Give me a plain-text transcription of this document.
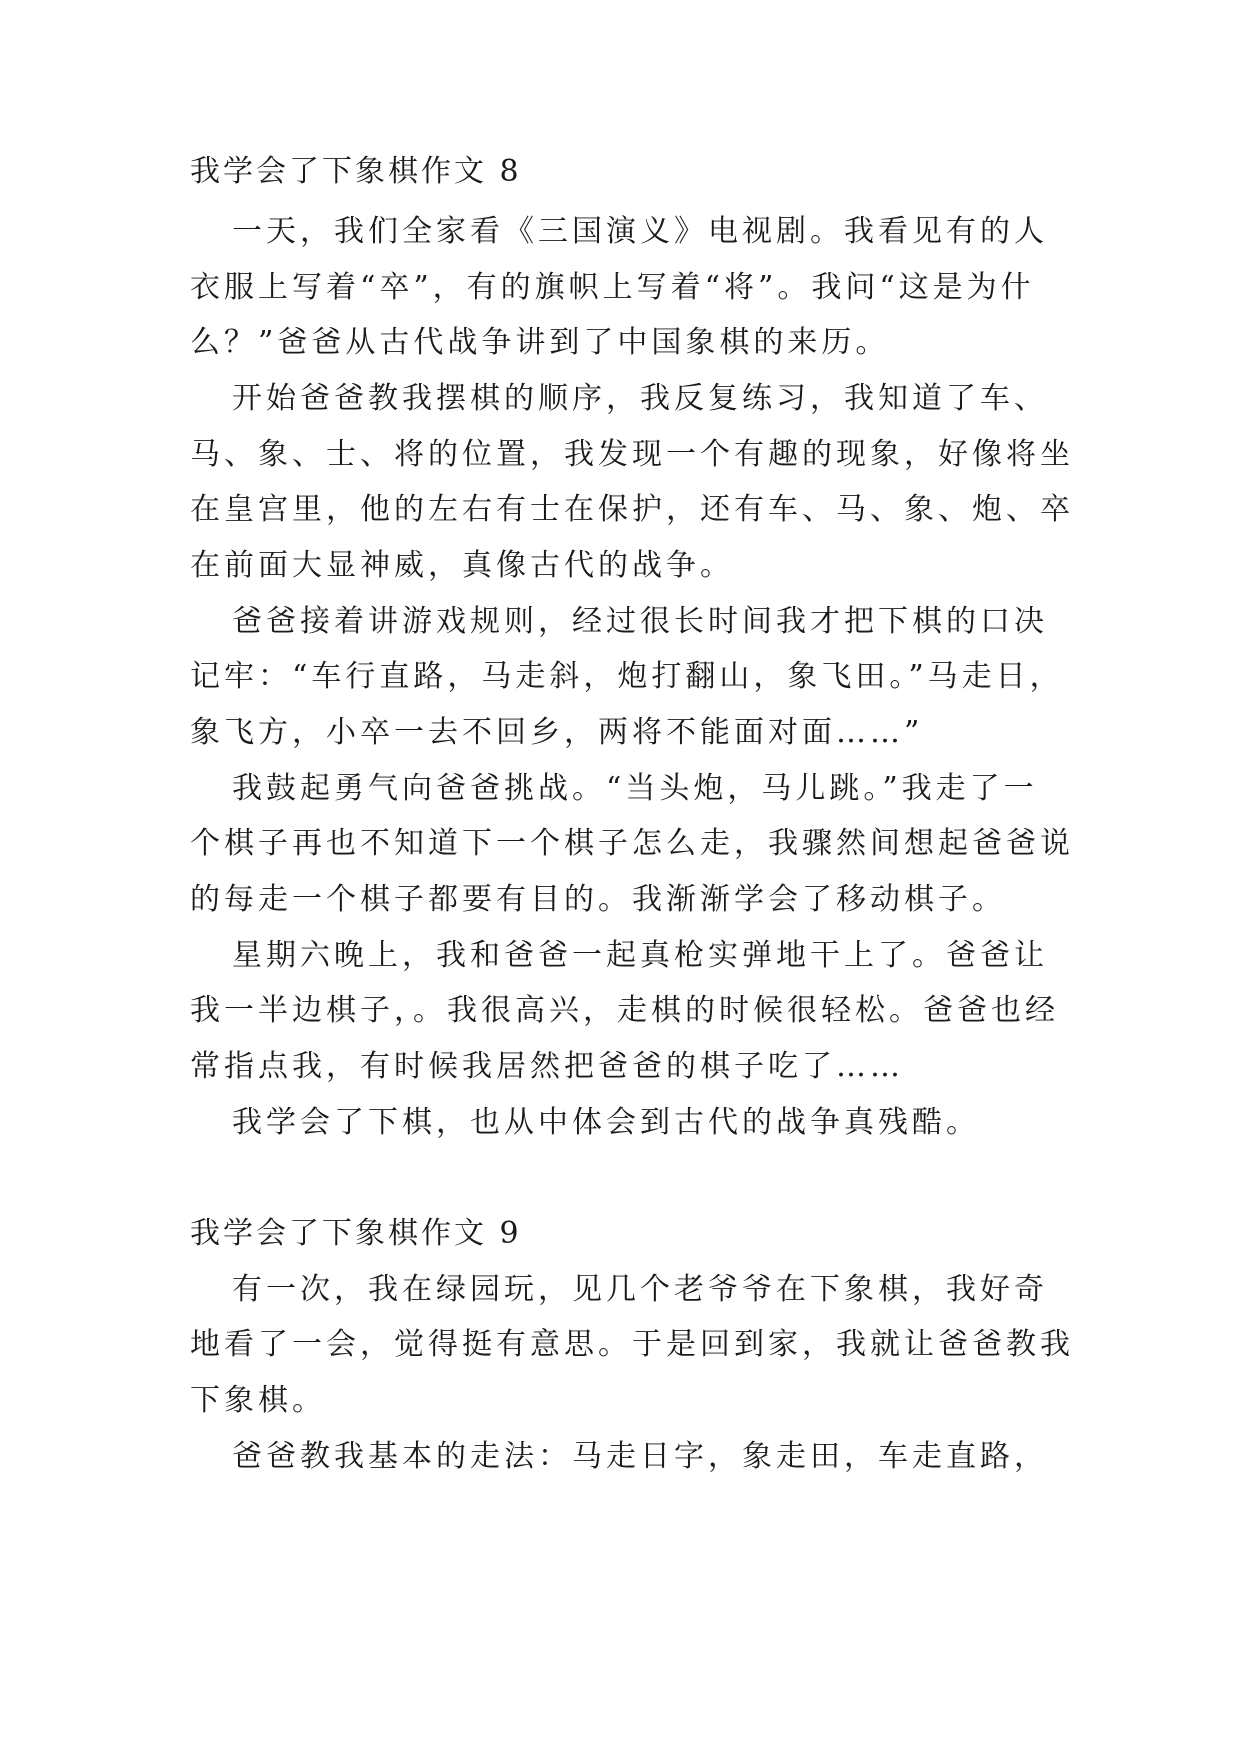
我学会了下象棋作文 8
一天，我们全家看《三国演义》电视剧。我看见有的人
衣服上写着“卒”，有的旗帜上写着“将”。我问“这是为什
么？”爸爸从古代战争讲到了中国象棋的来历。
开始爸爸教我摆棋的顺序，我反复练习，我知道了车、
马、象、士、将的位置，我发现一个有趣的现象，好像将坐
在皇宫里，他的左右有士在保护，还有车、马、象、炮、卒
在前面大显神威，真像古代的战争。
爸爸接着讲游戏规则，经过很长时间我才把下棋的口决
记牢：“车行直路，马走斜，炮打翻山，象飞田。”马走日，
象飞方，小卒一去不回乡，两将不能面对面……”
我鼓起勇气向爸爸挑战。“当头炮，马儿跳。”我走了一
个棋子再也不知道下一个棋子怎么走，我骤然间想起爸爸说
的每走一个棋子都要有目的。我渐渐学会了移动棋子。
星期六晚上，我和爸爸一起真枪实弹地干上了。爸爸让
我一半边棋子，。我很高兴，走棋的时候很轻松。爸爸也经
常指点我，有时候我居然把爸爸的棋子吃了……
我学会了下棋，也从中体会到古代的战争真残酷。
我学会了下象棋作文 9
有一次，我在绿园玩，见几个老爷爷在下象棋，我好奇
地看了一会，觉得挺有意思。于是回到家，我就让爸爸教我
下象棋。
爸爸教我基本的走法：马走日字，象走田，车走直路，
